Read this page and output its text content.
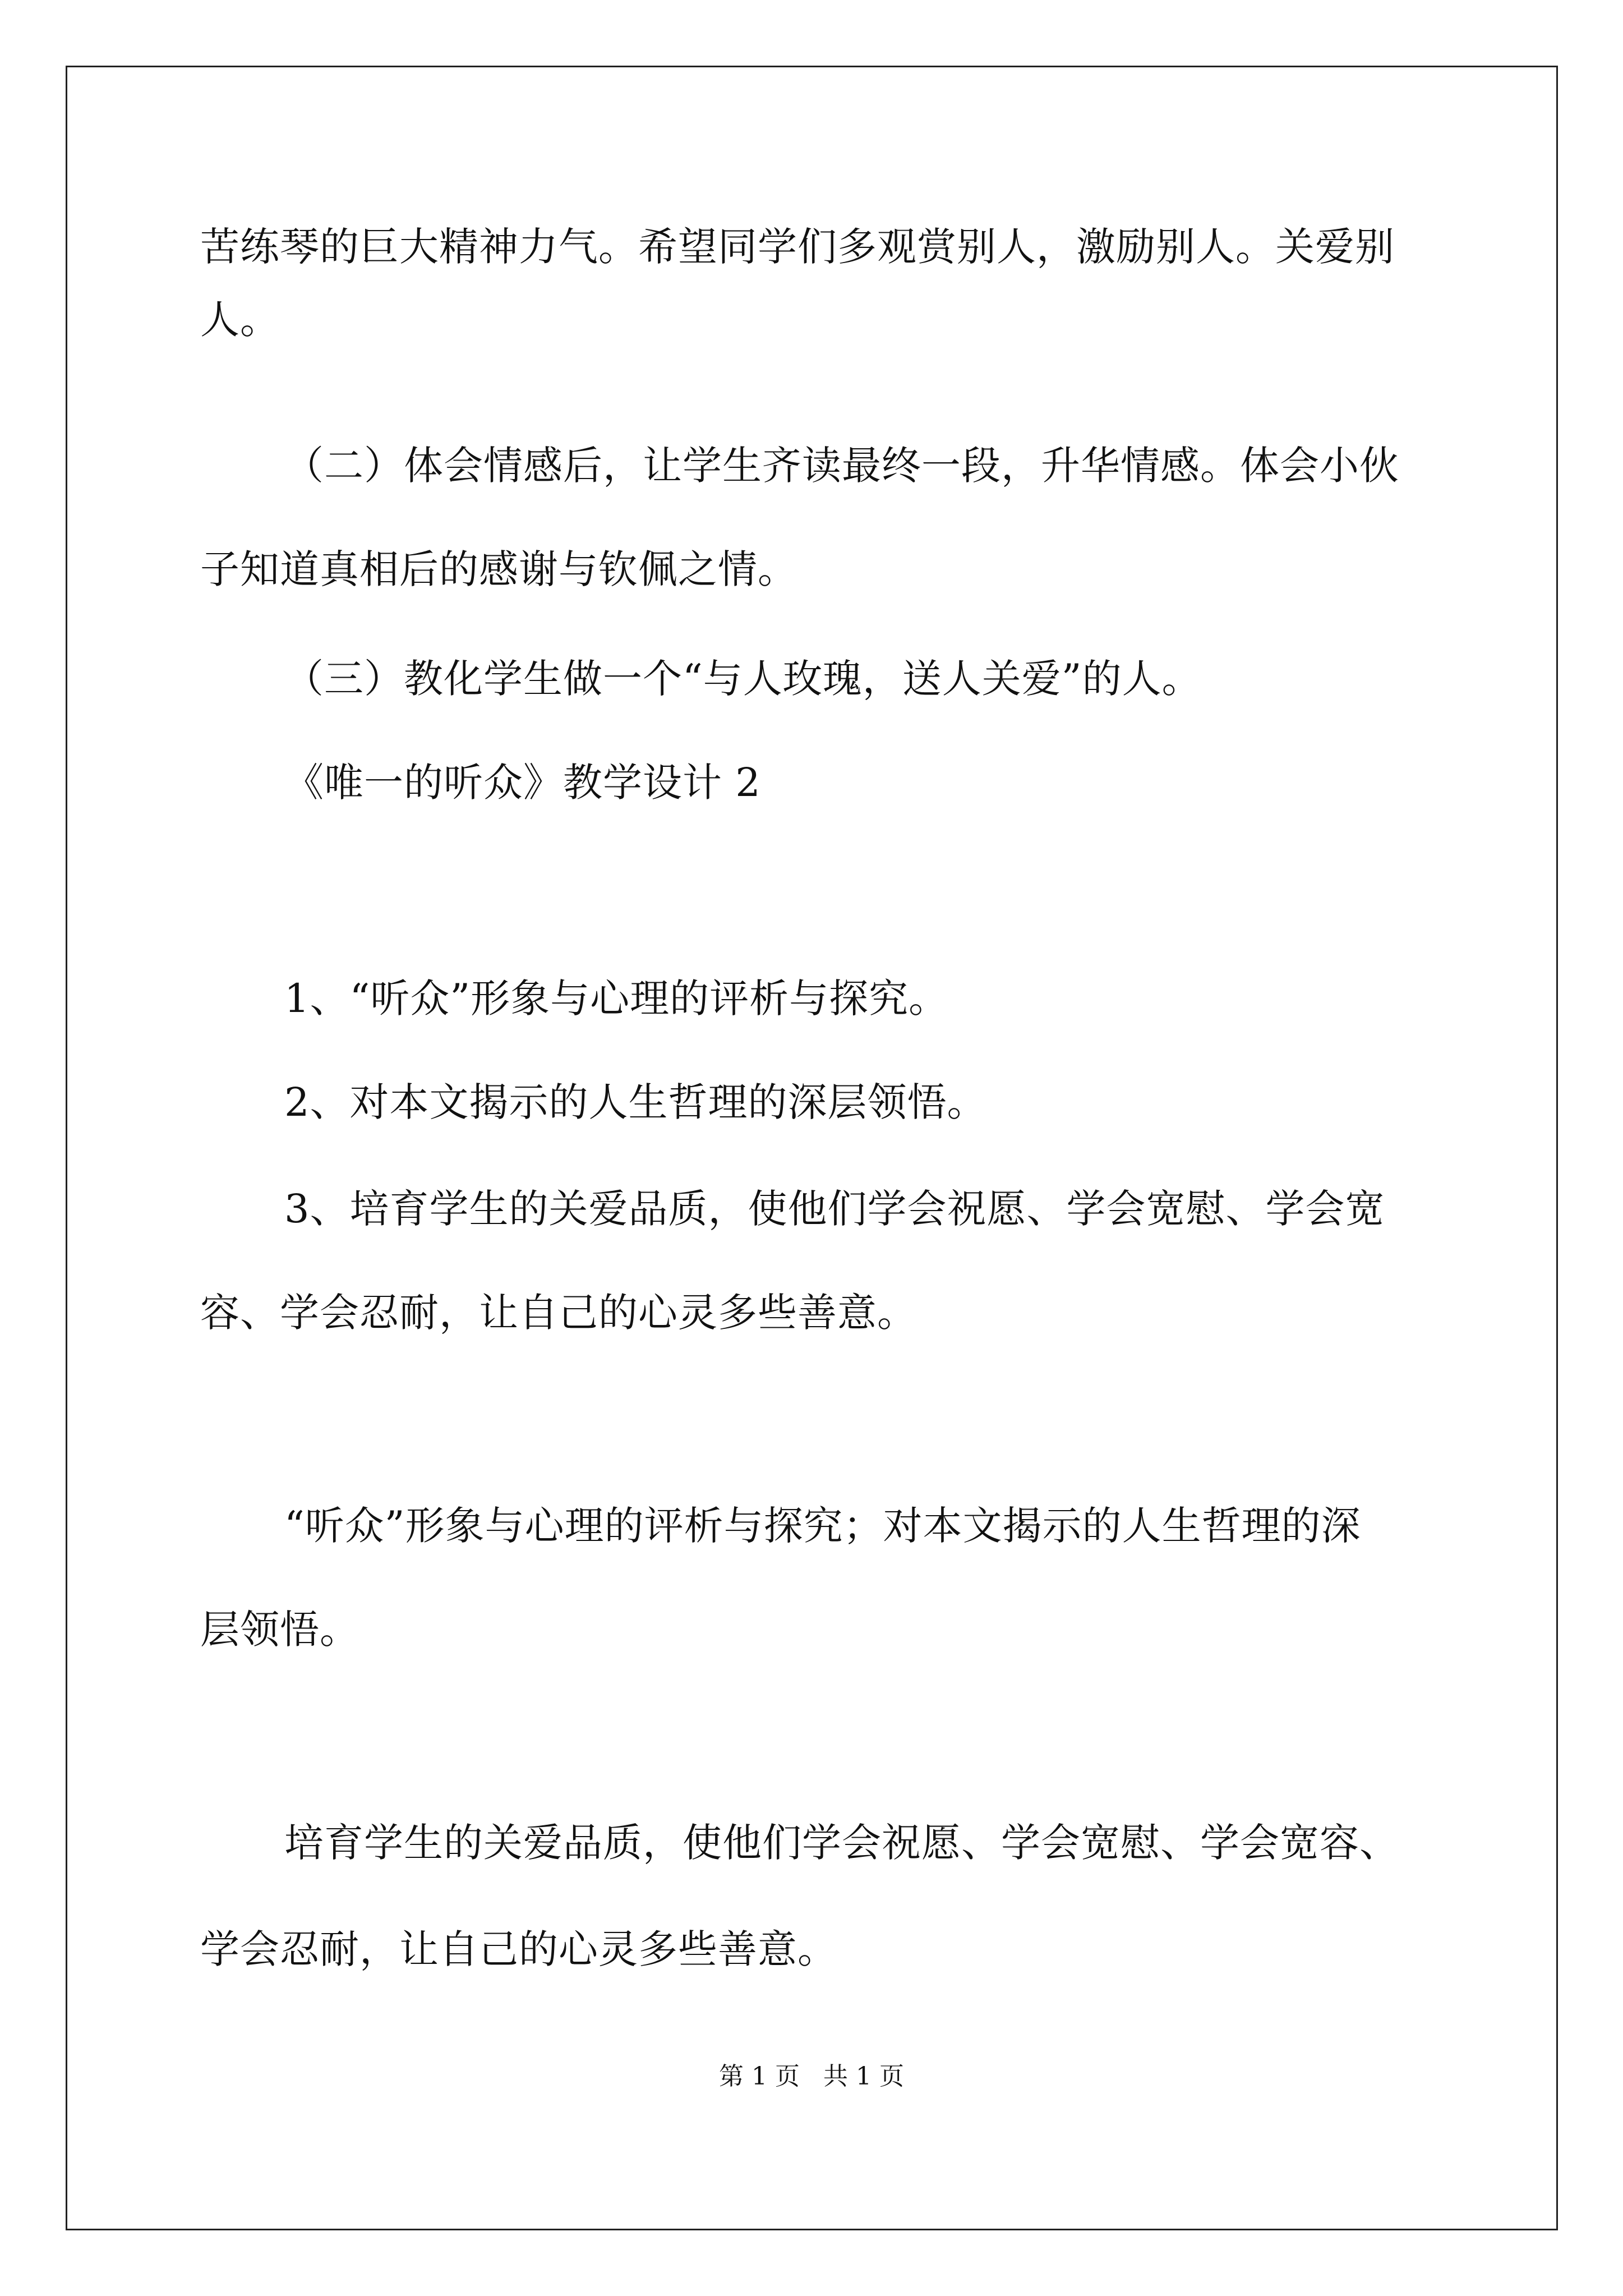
苦练琴的巨大精神力气。希望同学们多观赏别人，激励别人。关爱别
人。
（二）体会情感后，让学生齐读最终一段，升华情感。体会小伙
子知道真相后的感谢与钦佩之情。
（三）教化学生做一个“与人玫瑰，送人关爱”的人。
《唯一的听众》教学设计 2
1、“听众”形象与心理的评析与探究。
2、对本文揭示的人生哲理的深层领悟。
3、培育学生的关爱品质，使他们学会祝愿、学会宽慰、学会宽
容、学会忍耐，让自己的心灵多些善意。
“听众”形象与心理的评析与探究；对本文揭示的人生哲理的深
层领悟。
培育学生的关爱品质，使他们学会祝愿、学会宽慰、学会宽容、
学会忍耐，让自己的心灵多些善意。
第 1 页   共 1 页
